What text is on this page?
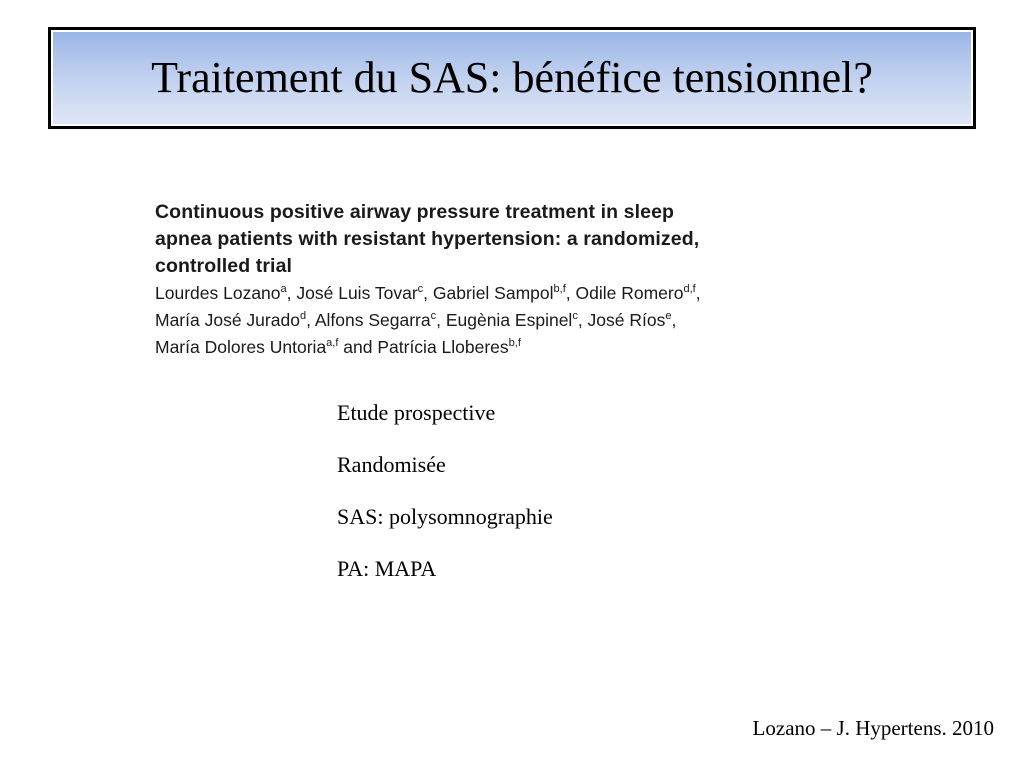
Traitement du SAS: bénéfice tensionnel?
Continuous positive airway pressure treatment in sleep
apnea patients with resistant hypertension: a randomized,
controlled trial
Lourdes Lozano$^a$, José Luis Tovar$^c$, Gabriel Sampol$^{b,f}$, Odile Romero$^{d,f}$,
María José Jurado$^d$, Alfons Segarra$^c$, Eugènia Espinel$^c$, José Ríos$^e$,
María Dolores Untoria$^{a,f}$ and Patrícia Lloberes$^{b,f}$
Etude prospective
Randomisée
SAS: polysomnographie
PA: MAPA
Lozano – J. Hypertens. 2010
